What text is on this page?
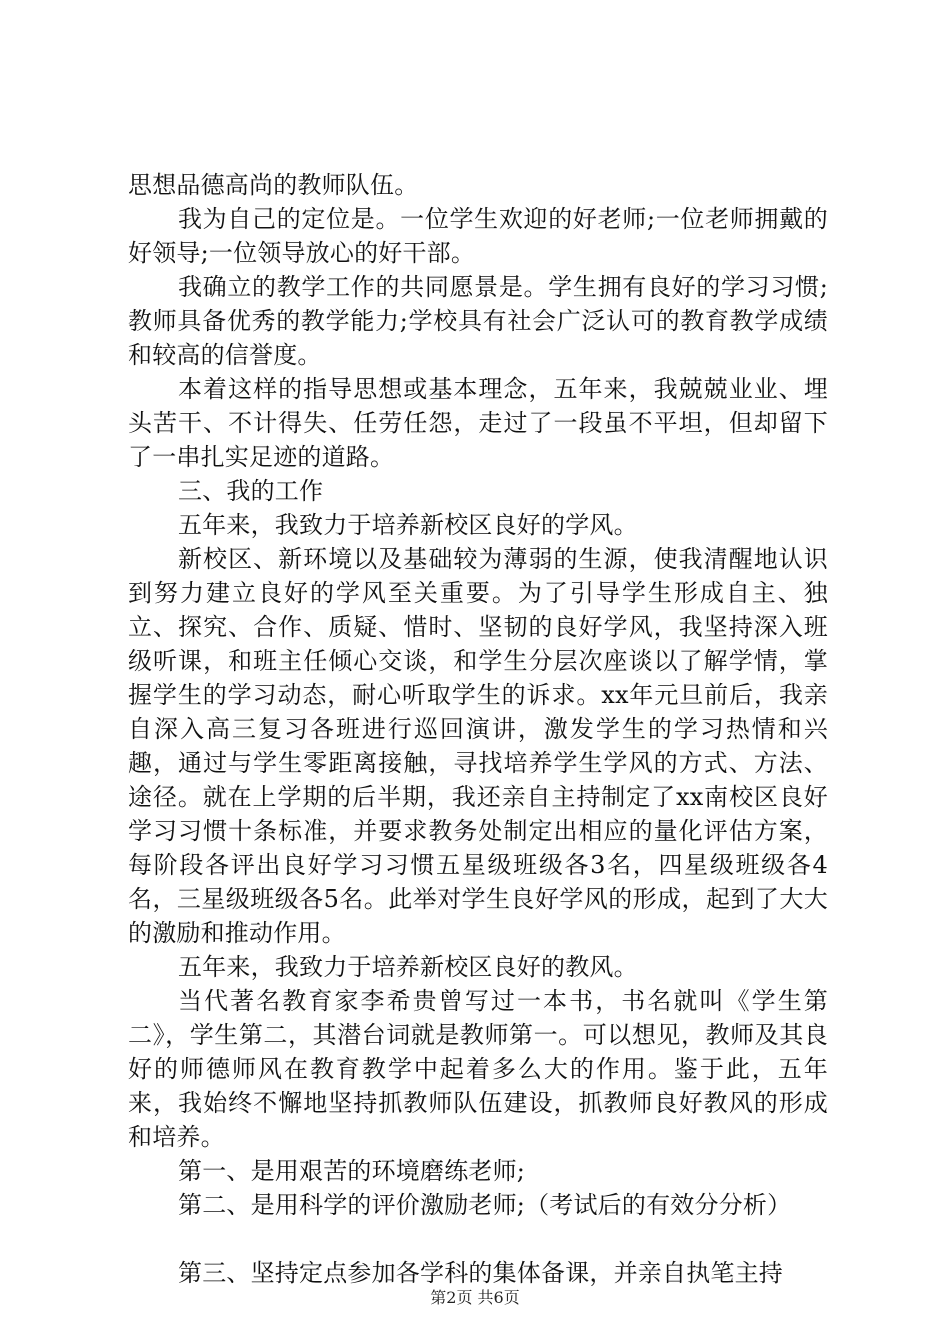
思想品德高尚的教师队伍。

我为自己的定位是。一位学生欢迎的好老师;一位老师拥戴的好领导;一位领导放心的好干部。

我确立的教学工作的共同愿景是。学生拥有良好的学习习惯;教师具备优秀的教学能力;学校具有社会广泛认可的教育教学成绩和较高的信誉度。

本着这样的指导思想或基本理念，五年来，我兢兢业业、埋头苦干、不计得失、任劳任怨，走过了一段虽不平坦，但却留下了一串扎实足迹的道路。

三、我的工作

五年来，我致力于培养新校区良好的学风。

新校区、新环境以及基础较为薄弱的生源，使我清醒地认识到努力建立良好的学风至关重要。为了引导学生形成自主、独立、探究、合作、质疑、惜时、坚韧的良好学风，我坚持深入班级听课，和班主任倾心交谈，和学生分层次座谈以了解学情，掌握学生的学习动态，耐心听取学生的诉求。xx年元旦前后，我亲自深入高三复习各班进行巡回演讲，激发学生的学习热情和兴趣，通过与学生零距离接触，寻找培养学生学风的方式、方法、途径。就在上学期的后半期，我还亲自主持制定了xx南校区良好学习习惯十条标准，并要求教务处制定出相应的量化评估方案，每阶段各评出良好学习习惯五星级班级各3名，四星级班级各4名，三星级班级各5名。此举对学生良好学风的形成，起到了大大的激励和推动作用。

五年来，我致力于培养新校区良好的教风。

当代著名教育家李希贵曾写过一本书，书名就叫《学生第二》，学生第二，其潜台词就是教师第一。可以想见，教师及其良好的师德师风在教育教学中起着多么大的作用。鉴于此，五年来，我始终不懈地坚持抓教师队伍建设，抓教师良好教风的形成和培养。

第一、是用艰苦的环境磨练老师;

第二、是用科学的评价激励老师;（考试后的有效分分析）

第三、坚持定点参加各学科的集体备课，并亲自执笔主持

第2页 共6页
